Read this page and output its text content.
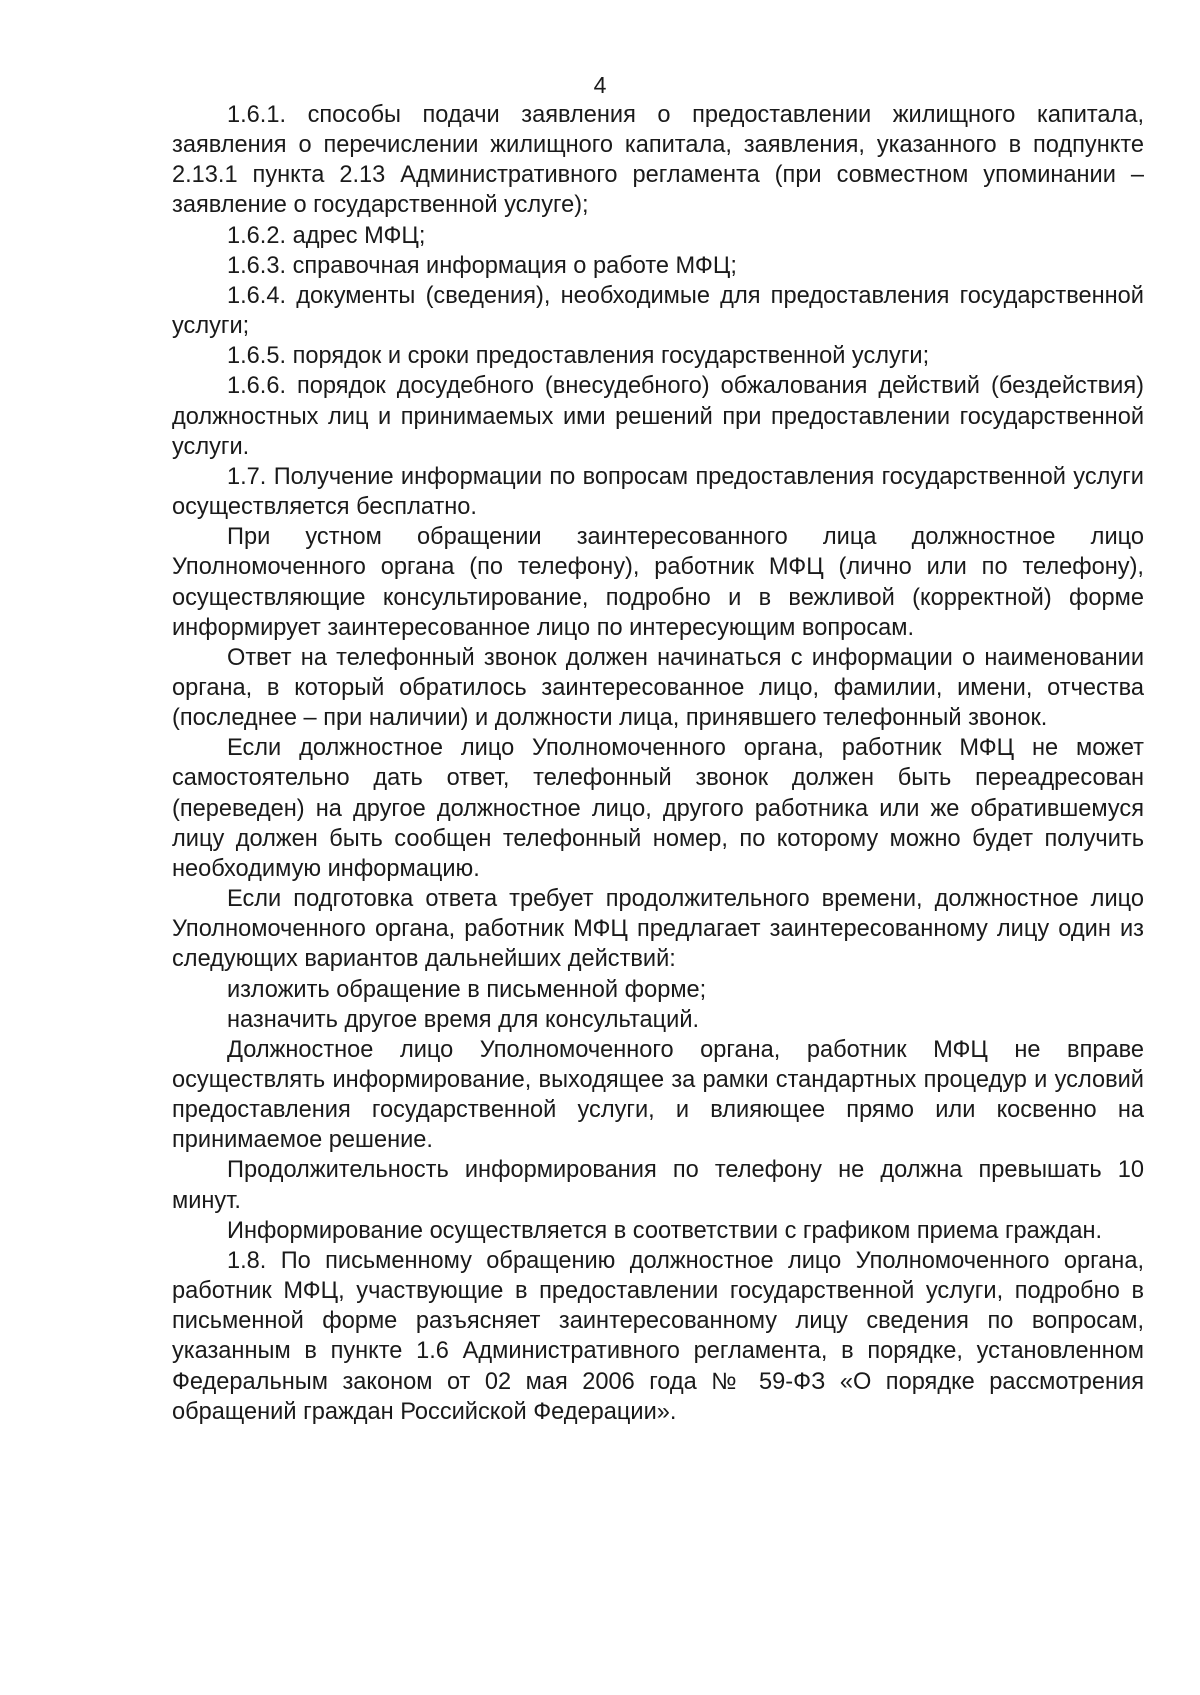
4

1.6.1. способы подачи заявления о предоставлении жилищного капитала, заявления о перечислении жилищного капитала, заявления, указанного в подпункте 2.13.1 пункта 2.13 Административного регламента (при совместном упоминании – заявление о государственной услуге);

1.6.2. адрес МФЦ;

1.6.3. справочная информация о работе МФЦ;

1.6.4. документы (сведения), необходимые для предоставления государственной услуги;

1.6.5. порядок и сроки предоставления государственной услуги;

1.6.6. порядок досудебного (внесудебного) обжалования действий (бездействия) должностных лиц и принимаемых ими решений при предоставлении государственной услуги.

1.7. Получение информации по вопросам предоставления государственной услуги осуществляется бесплатно.

При устном обращении заинтересованного лица должностное лицо Уполномоченного органа (по телефону), работник МФЦ (лично или по телефону), осуществляющие консультирование, подробно и в вежливой (корректной) форме информирует заинтересованное лицо по интересующим вопросам.

Ответ на телефонный звонок должен начинаться с информации о наименовании органа, в который обратилось заинтересованное лицо, фамилии, имени, отчества (последнее – при наличии) и должности лица, принявшего телефонный звонок.

Если должностное лицо Уполномоченного органа, работник МФЦ не может самостоятельно дать ответ, телефонный звонок должен быть переадресован (переведен) на другое должностное лицо, другого работника или же обратившемуся лицу должен быть сообщен телефонный номер, по которому можно будет получить необходимую информацию.

Если подготовка ответа требует продолжительного времени, должностное лицо Уполномоченного органа, работник МФЦ предлагает заинтересованному лицу один из следующих вариантов дальнейших действий:

изложить обращение в письменной форме;

назначить другое время для консультаций.

Должностное лицо Уполномоченного органа, работник МФЦ не вправе осуществлять информирование, выходящее за рамки стандартных процедур и условий предоставления государственной услуги, и влияющее прямо или косвенно на принимаемое решение.

Продолжительность информирования по телефону не должна превышать 10 минут.

Информирование осуществляется в соответствии с графиком приема граждан.

1.8. По письменному обращению должностное лицо Уполномоченного органа, работник МФЦ, участвующие в предоставлении государственной услуги, подробно в письменной форме разъясняет заинтересованному лицу сведения по вопросам, указанным в пункте 1.6 Административного регламента, в порядке, установленном Федеральным законом от 02 мая 2006 года № 59-ФЗ «О порядке рассмотрения обращений граждан Российской Федерации».
